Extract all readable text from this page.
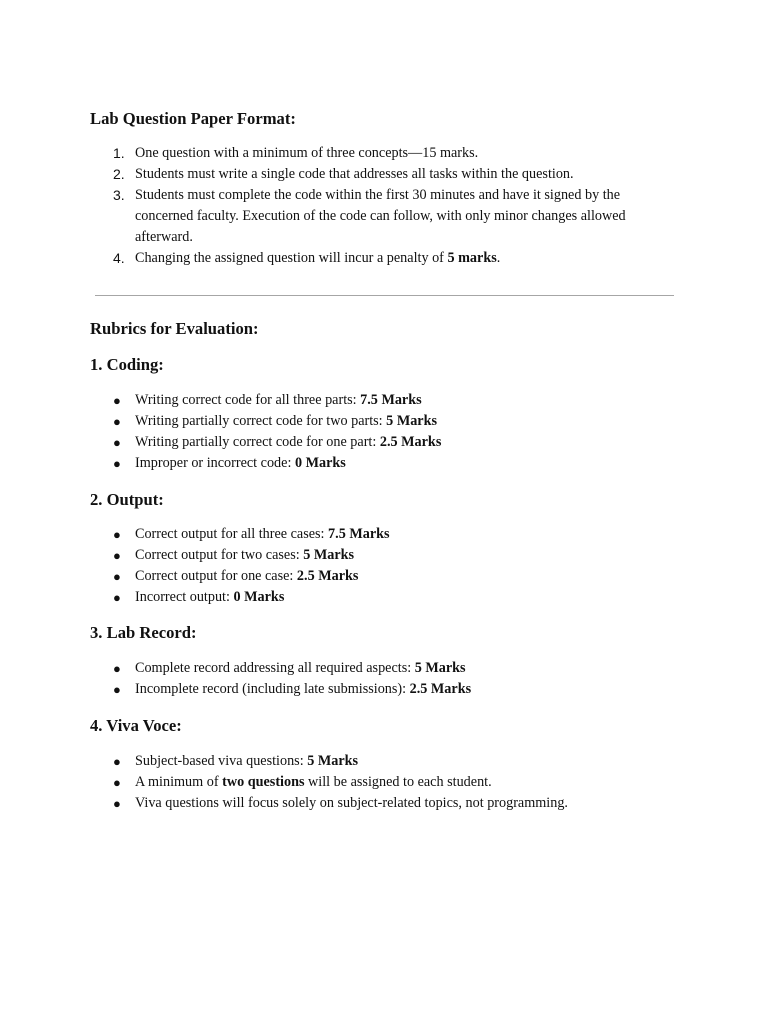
Lab Question Paper Format:
1. One question with a minimum of three concepts—15 marks.
2. Students must write a single code that addresses all tasks within the question.
3. Students must complete the code within the first 30 minutes and have it signed by the concerned faculty. Execution of the code can follow, with only minor changes allowed afterward.
4. Changing the assigned question will incur a penalty of 5 marks.
Rubrics for Evaluation:
1. Coding:
● Writing correct code for all three parts: 7.5 Marks
● Writing partially correct code for two parts: 5 Marks
● Writing partially correct code for one part: 2.5 Marks
● Improper or incorrect code: 0 Marks
2. Output:
● Correct output for all three cases: 7.5 Marks
● Correct output for two cases: 5 Marks
● Correct output for one case: 2.5 Marks
● Incorrect output: 0 Marks
3. Lab Record:
● Complete record addressing all required aspects: 5 Marks
● Incomplete record (including late submissions): 2.5 Marks
4. Viva Voce:
● Subject-based viva questions: 5 Marks
● A minimum of two questions will be assigned to each student.
● Viva questions will focus solely on subject-related topics, not programming.
